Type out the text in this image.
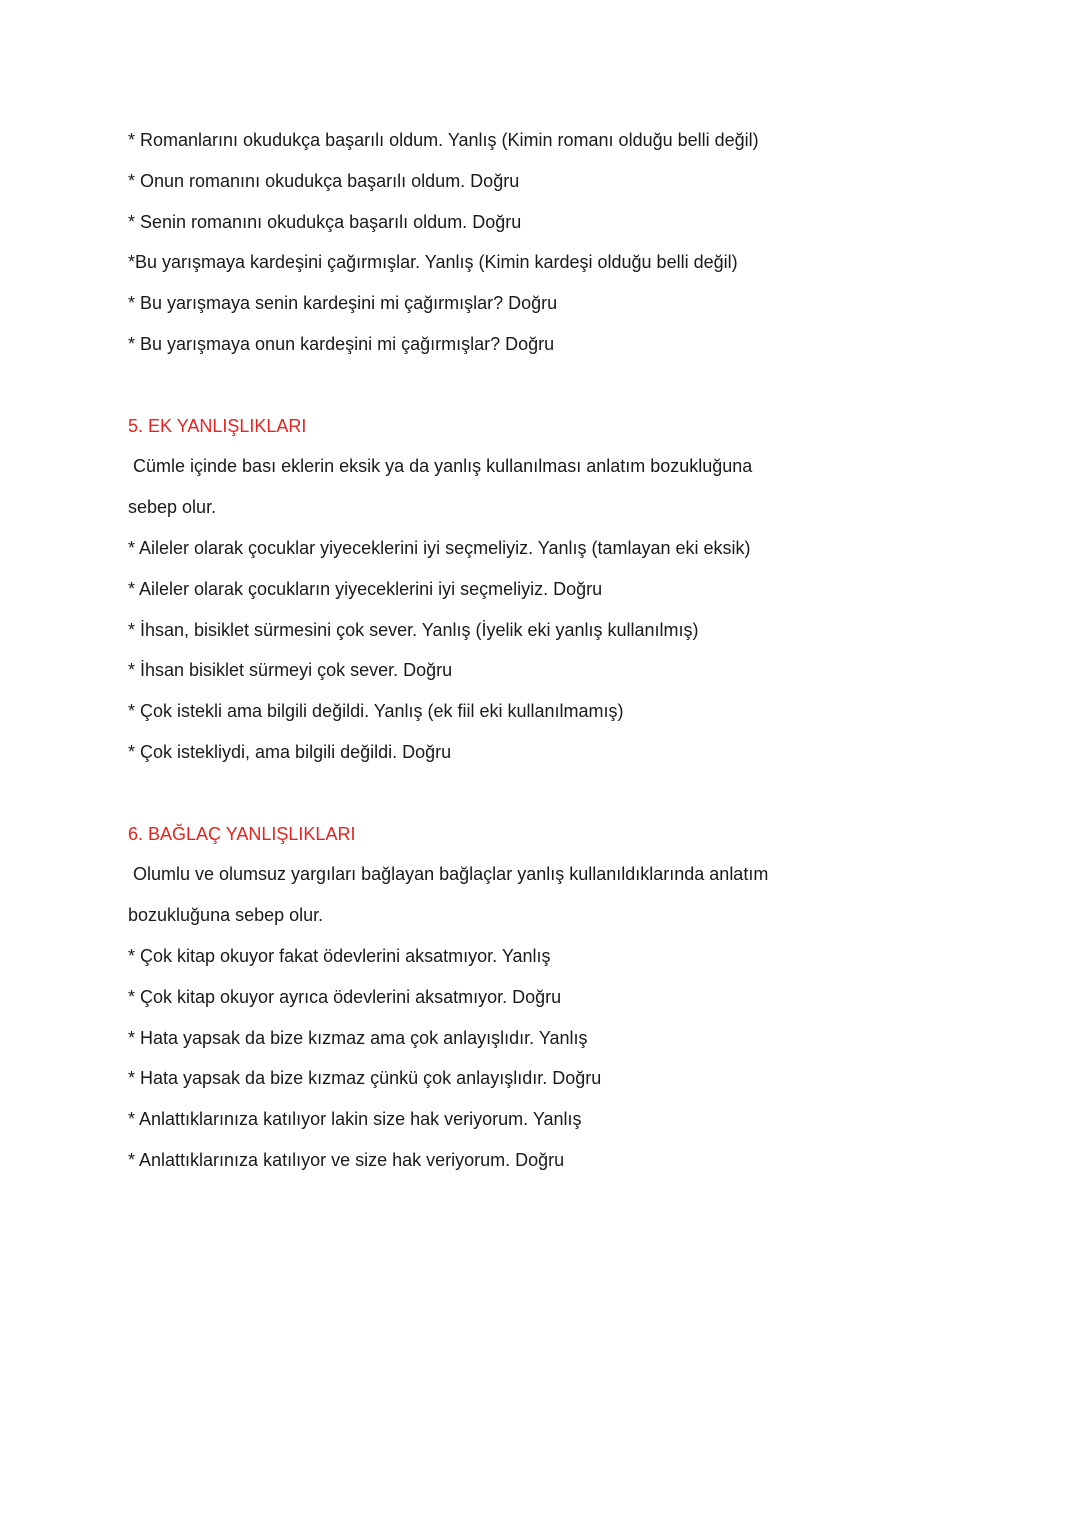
* Romanlarını okudukça başarılı oldum. Yanlış (Kimin romanı olduğu belli değil)
* Onun romanını okudukça başarılı oldum. Doğru
* Senin romanını okudukça başarılı oldum. Doğru
*Bu yarışmaya kardeşini çağırmışlar. Yanlış (Kimin kardeşi olduğu belli değil)
* Bu yarışmaya senin kardeşini mi çağırmışlar? Doğru
* Bu yarışmaya onun kardeşini mi çağırmışlar? Doğru
5. EK YANLIŞLIKLARI
Cümle içinde bası eklerin eksik ya da yanlış kullanılması anlatım bozukluğuna
sebep olur.
* Aileler olarak çocuklar yiyeceklerini iyi seçmeliyiz. Yanlış (tamlayan eki eksik)
* Aileler olarak çocukların yiyeceklerini iyi seçmeliyiz. Doğru
* İhsan, bisiklet sürmesini çok sever. Yanlış (İyelik eki yanlış kullanılmış)
* İhsan bisiklet sürmeyi çok sever. Doğru
* Çok istekli ama bilgili değildi. Yanlış (ek fiil eki kullanılmamış)
* Çok istekliydi, ama bilgili değildi. Doğru
6. BAĞLAÇ YANLIŞLIKLARI
Olumlu ve olumsuz yargıları bağlayan bağlaçlar yanlış kullanıldıklarında anlatım
bozukluğuna sebep olur.
* Çok kitap okuyor fakat ödevlerini aksatmıyor. Yanlış
* Çok kitap okuyor ayrıca ödevlerini aksatmıyor. Doğru
* Hata yapsak da bize kızmaz ama çok anlayışlıdır. Yanlış
* Hata yapsak da bize kızmaz çünkü çok anlayışlıdır. Doğru
* Anlattıklarınıza katılıyor lakin size hak veriyorum. Yanlış
* Anlattıklarınıza katılıyor ve size hak veriyorum. Doğru
